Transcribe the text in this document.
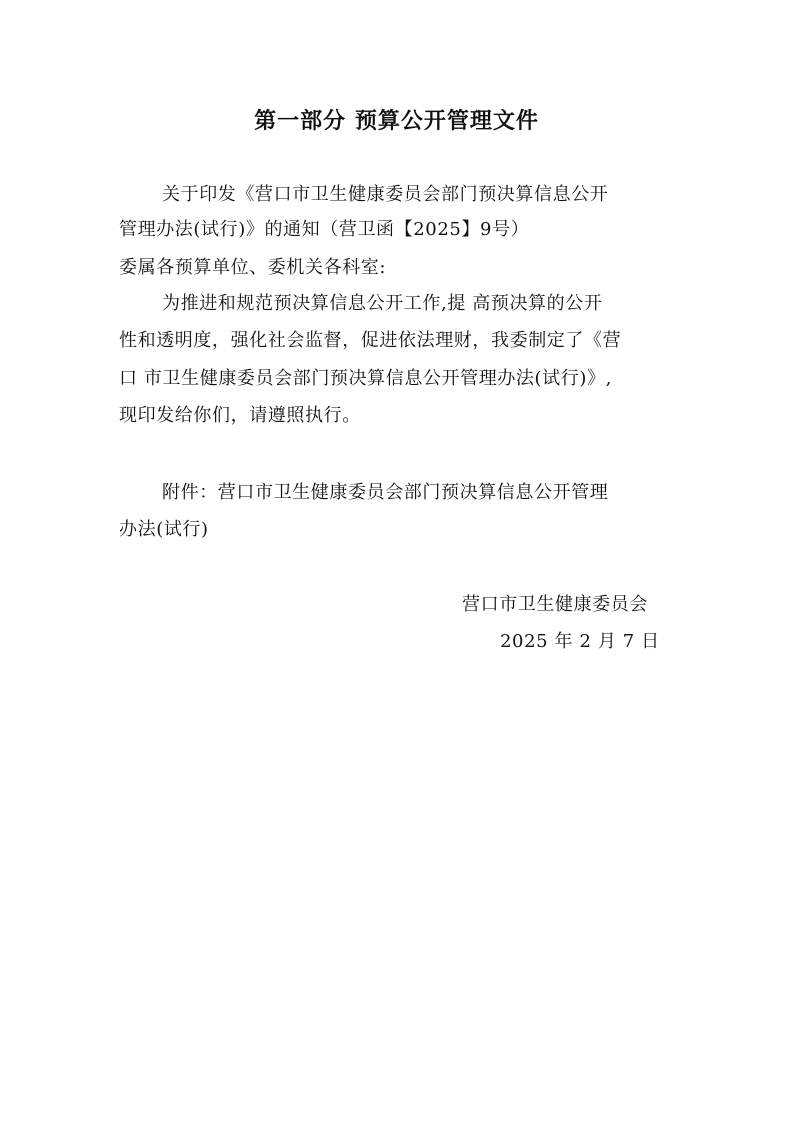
第一部分 预算公开管理文件
关于印发《营口市卫生健康委员会部门预决算信息公开
管理办法(试行)》的通知（营卫函【2025】9号）
委属各预算单位、委机关各科室:
为推进和规范预决算信息公开工作,提 高预决算的公开
性和透明度，强化社会监督，促进依法理财，我委制定了《营
口 市卫生健康委员会部门预决算信息公开管理办法(试行)》,
现印发给你们，请遵照执行。
附件：营口市卫生健康委员会部门预决算信息公开管理
办法(试行)
营口市卫生健康委员会
2025 年 2 月 7 日
